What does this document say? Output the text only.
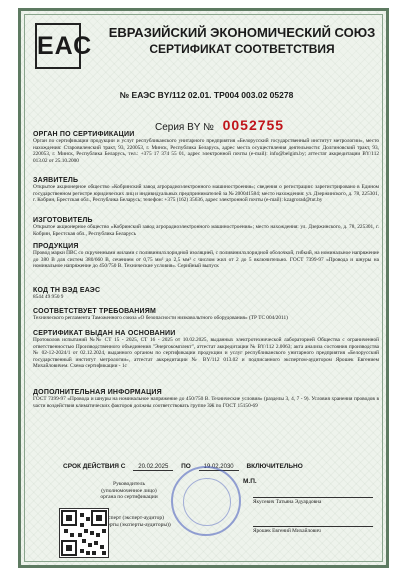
ЕАС	ЕВРАЗИЙСКИЙ ЭКОНОМИЧЕСКИЙ СОЮЗ
СЕРТИФИКАТ СООТВЕТСТВИЯ
№ ЕАЭС BY/112 02.01. ТР004 003.02 05278
Серия BY № 0052755
ОРГАН ПО СЕРТИФИКАЦИИ
Орган по сертификации продукции и услуг республиканского унитарного предприятия «Белорусский государственный институт метрологии», место нахождения: Старовиленский тракт, 93, 220053, г. Минск, Республика Беларусь, адрес места осуществления деятельности: Долгиновский тракт, 93, 220053, г. Минск, Республика Беларусь, тел.: +375 17 374 55 01, адрес электронной почты (e-mail): info@belgim.by; аттестат аккредитации BY/112 013.02 от 25.10.2000
ЗАЯВИТЕЛЬ
Открытое акционерное общество «Кобринский завод агрорадиоэлектронного машиностроения»; сведения о регистрации: зарегистрировано в Едином государственном регистре юридических лиц и индивидуальных предпринимателей за № 200041584; место нахождения: ул. Дзержинского, д. 78, 225301, г. Кобрин, Брестская обл., Республика Беларусь; телефон: +375 (162) 35636, адрес электронной почты (e-mail): kzagrorad@tut.by
ИЗГОТОВИТЕЛЬ
Открытое акционерное общество «Кобринский завод агрорадиоэлектронного машиностроения»; место нахождения: ул. Дзержинского, д. 78, 225301, г. Кобрин, Брестская обл., Республика Беларусь
ПРОДУКЦИЯ
Провод марки ПВС со скрученными жилами с поливинилхлоридной изоляцией, с поливинилхлоридной оболочкой, гибкий, на номинальное напряжение до 380 В для систем 380/660 В, сечением от 0,75 мм² до 2,5 мм² с числом жил от 2 до 5 включительно. ГОСТ 7399-97 «Провода и шнуры на номинальное напряжение до 450/750 В. Технические условия». Серийный выпуск
КОД ТН ВЭД ЕАЭС
8544 49 950 9
СООТВЕТСТВУЕТ ТРЕБОВАНИЯМ
Технического регламента Таможенного союза «О безопасности низковольтного оборудования» (ТР ТС 004/2011)
СЕРТИФИКАТ ВЫДАН НА ОСНОВАНИИ
Протоколов испытаний №№ СТ 15 - 2025, СТ 16 - 2025 от 10.02.2025, выданных электротехнической лабораторией Общества с ограниченной ответственностью Производственного объединения "Энергокомплект", аттестат аккредитации № BY/112 2.0063; акта анализа состояния производства № 02-12-2024/1 от 02.12.2024, выданного органом по сертификации продукции и услуг республиканского унитарного предприятия «Белорусский государственный институт метрологии», аттестат аккредитации № BY/112 013.02 и подписанного экспертом-аудитором Ярошек Евгением Михайловичем. Схема сертификации - 1с
ДОПОЛНИТЕЛЬНАЯ ИНФОРМАЦИЯ
ГОСТ 7399-97 «Провода и шнуры на номинальное напряжение до 450/750 В. Технические условия» (разделы 3, 4, 7 - 9). Условия хранения проводов в части воздействия климатических факторов должны соответствовать группе ЗЖ по ГОСТ 15150-69
СРОК ДЕЙСТВИЯ С 20.02.2025 ПО 19.02.2030 ВКЛЮЧИТЕЛЬНО
М.П.
Руководитель (уполномоченное лицо) органа по сертификации
Якусевич Татьяна Эдуардовна
Эксперт (эксперт-аудитор) (эксперты (эксперты-аудиторы))
Ярошек Евгений Михайлович
